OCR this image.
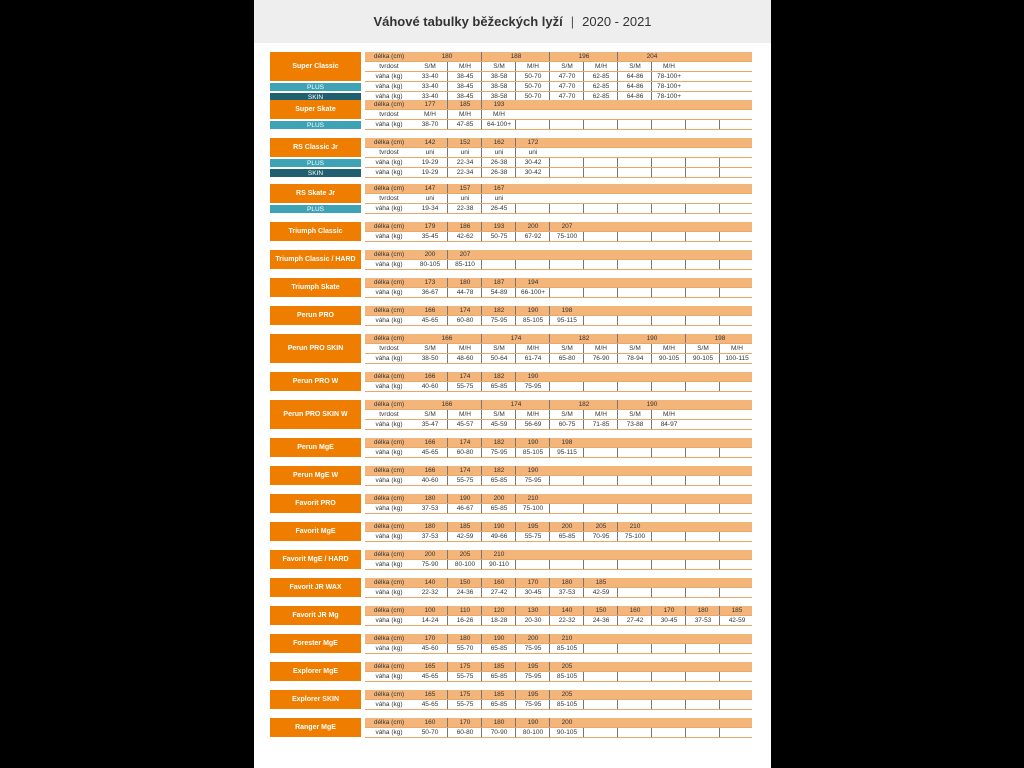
Váhové tabulky běžeckých lyží | 2020 - 2021
Super Classic
délka (cm)	180	188	196	204
tvrdost	S/M	M/H	S/M	M/H	S/M	M/H	S/M	M/H
váha (kg)	33-40	38-45	38-58	50-70	47-70	62-85	64-86	78-100+
PLUS	váha (kg)	33-40	38-45	38-58	50-70	47-70	62-85	64-86	78-100+
SKIN	váha (kg)	33-40	38-45	38-58	50-70	47-70	62-85	64-86	78-100+
Super Skate
délka (cm)	177	185	193
tvrdost	M/H	M/H	M/H
PLUS	váha (kg)	38-70	47-85	64-100+
RS Classic Jr
délka (cm)	142	152	162	172
tvrdost	uni	uni	uni	uni
PLUS	váha (kg)	19-29	22-34	26-38	30-42
SKIN	váha (kg)	19-29	22-34	26-38	30-42
RS Skate Jr
délka (cm)	147	157	167
tvrdost	uni	uni	uni
PLUS	váha (kg)	19-34	22-38	26-45
Triumph Classic
délka (cm)	179	186	193	200	207
váha (kg)	35-45	42-62	50-75	67-92	75-100
Triumph Classic / HARD
délka (cm)	200	207
váha (kg)	80-105	85-110
Triumph Skate
délka (cm)	173	180	187	194
váha (kg)	36-67	44-78	54-89	66-100+
Perun PRO
délka (cm)	166	174	182	190	198
váha (kg)	45-65	60-80	75-95	85-105	95-115
Perun PRO SKIN
délka (cm)	166	174	182	190	198
tvrdost	S/M	M/H	S/M	M/H	S/M	M/H	S/M	M/H	S/M	M/H
váha (kg)	38-50	48-60	50-64	61-74	65-80	76-90	78-94	90-105	90-105	100-115
Perun PRO W
délka (cm)	166	174	182	190
váha (kg)	40-60	55-75	65-85	75-95
Perun PRO SKIN W
délka (cm)	166	174	182	190
tvrdost	S/M	M/H	S/M	M/H	S/M	M/H	S/M	M/H
váha (kg)	35-47	45-57	45-59	56-69	60-75	71-85	73-88	84-97
Perun MgE
délka (cm)	166	174	182	190	198
váha (kg)	45-65	60-80	75-95	85-105	95-115
Perun MgE W
délka (cm)	166	174	182	190
váha (kg)	40-60	55-75	65-85	75-95
Favorit PRO
délka (cm)	180	190	200	210
váha (kg)	37-53	46-67	65-85	75-100
Favorit MgE
délka (cm)	180	185	190	195	200	205	210
váha (kg)	37-53	42-59	49-66	55-75	65-85	70-95	75-100
Favorit MgE / HARD
délka (cm)	200	205	210
váha (kg)	75-90	80-100	90-110
Favorit JR WAX
délka (cm)	140	150	160	170	180	185
váha (kg)	22-32	24-36	27-42	30-45	37-53	42-59
Favorit JR Mg
délka (cm)	100	110	120	130	140	150	160	170	180	185
váha (kg)	14-24	16-26	18-28	20-30	22-32	24-36	27-42	30-45	37-53	42-59
Forester MgE
délka (cm)	170	180	190	200	210
váha (kg)	45-60	55-70	65-85	75-95	85-105
Explorer MgE
délka (cm)	165	175	185	195	205
váha (kg)	45-65	55-75	65-85	75-95	85-105
Explorer SKIN
délka (cm)	165	175	185	195	205
váha (kg)	45-65	55-75	65-85	75-95	85-105
Ranger MgE
délka (cm)	160	170	180	190	200
váha (kg)	50-70	60-80	70-90	80-100	90-105
